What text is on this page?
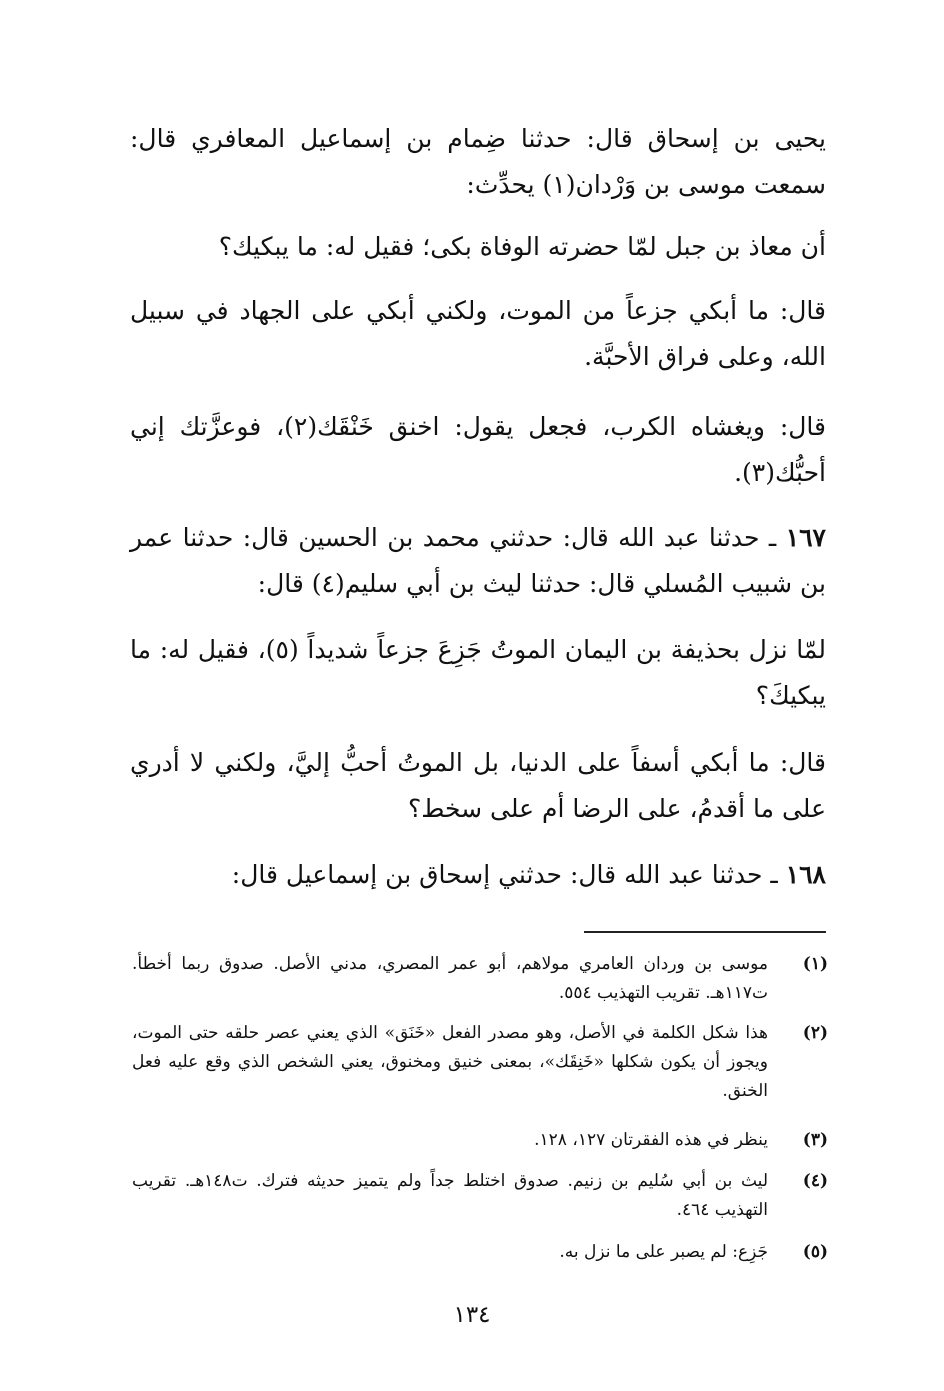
يحيى بن إسحاق قال: حدثنا ضِمام بن إسماعيل المعافري قال: سمعت موسى بن وَرْدان(١) يحدِّث:
أن معاذ بن جبل لمّا حضرته الوفاة بكى؛ فقيل له: ما يبكيك؟
قال: ما أبكي جزعاً من الموت، ولكني أبكي على الجهاد في سبيل الله، وعلى فراق الأحبَّة.
قال: ويغشاه الكرب، فجعل يقول: اخنق خَنْقَك(٢)، فوعزَّتك إني أحبُّك(٣).
١٦٧ ـ حدثنا عبد الله قال: حدثني محمد بن الحسين قال: حدثنا عمر بن شبيب المُسلي قال: حدثنا ليث بن أبي سليم(٤) قال:
لمّا نزل بحذيفة بن اليمان الموتُ جَزِعَ جزعاً شديداً (٥)، فقيل له: ما يبكيكَ؟
قال: ما أبكي أسفاً على الدنيا، بل الموتُ أحبُّ إليَّ، ولكني لا أدري على ما أقدمُ، على الرضا أم على سخط؟
١٦٨ ـ حدثنا عبد الله قال: حدثني إسحاق بن إسماعيل قال:
(١)
موسى بن وردان العامري مولاهم، أبو عمر المصري، مدني الأصل. صدوق ربما أخطأ. ت١١٧هـ. تقريب التهذيب ٥٥٤.
(٢)
هذا شكل الكلمة في الأصل، وهو مصدر الفعل «خَنَق» الذي يعني عصر حلقه حتى الموت، ويجوز أن يكون شكلها «خَنِقَك»، بمعنى خنيق ومخنوق، يعني الشخص الذي وقع عليه فعل الخنق.
(٣)
ينظر في هذه الفقرتان ١٢٧، ١٢٨.
(٤)
ليث بن أبي سُليم بن زنيم. صدوق اختلط جداً ولم يتميز حديثه فترك. ت١٤٨هـ. تقريب التهذيب ٤٦٤.
(٥)
جَزِع: لم يصبر على ما نزل به.
١٣٤
